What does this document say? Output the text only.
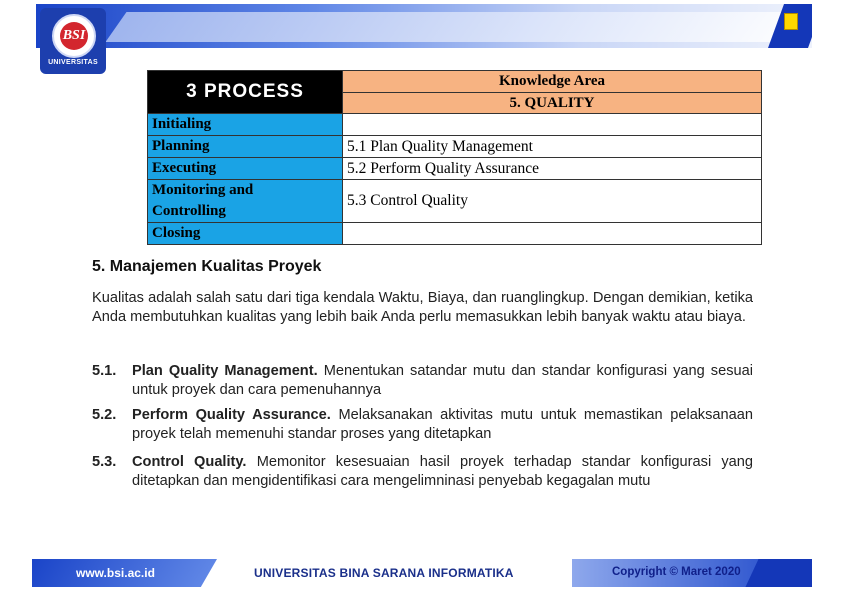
BSI
UNIVERSITAS
3 PROCESS	Knowledge Area
	5. QUALITY
Initialing	
Planning	5.1 Plan Quality Management
Executing	5.2 Perform Quality Assurance

Monitoring and
Controlling	5.3 Control Quality
Closing	
5. Manajemen Kualitas Proyek

Kualitas adalah salah satu dari tiga kendala Waktu, Biaya, dan ruanglingkup. Dengan demikian, ketika Anda membutuhkan kualitas yang lebih baik Anda perlu memasukkan lebih banyak waktu atau biaya.

5.1. Plan Quality Management. Menentukan satandar mutu dan standar konfigurasi yang sesuai untuk proyek dan cara pemenuhannya
5.2. Perform Quality Assurance. Melaksanakan aktivitas mutu untuk memastikan pelaksanaan proyek telah memenuhi standar proses yang ditetapkan
5.3. Control Quality. Memonitor kesesuaian hasil proyek terhadap standar konfigurasi yang ditetapkan dan mengidentifikasi cara mengelimninasi penyebab kegagalan mutu
www.bsi.ac.id	UNIVERSITAS BINA SARANA INFORMATIKA	Copyright © Maret 2020
